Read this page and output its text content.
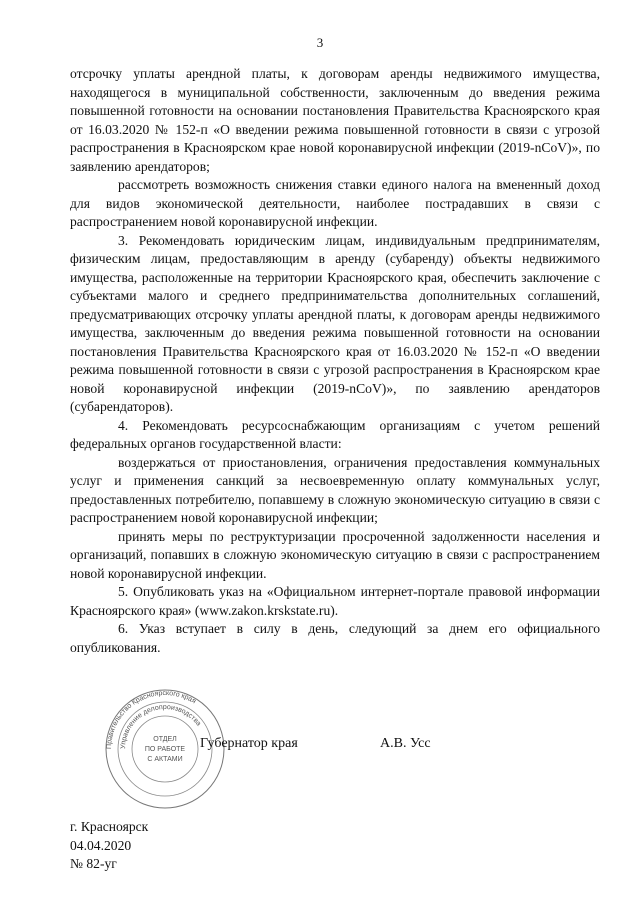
3

отсрочку уплаты арендной платы, к договорам аренды недвижимого имущества, находящегося в муниципальной собственности, заключенным до введения режима повышенной готовности на основании постановления Правительства Красноярского края от 16.03.2020 № 152-п «О введении режима повышенной готовности в связи с угрозой распространения в Красноярском крае новой коронавирусной инфекции (2019-nCoV)», по заявлению арендаторов;

рассмотреть возможность снижения ставки единого налога на вмененный доход для видов экономической деятельности, наиболее пострадавших в связи с распространением новой коронавирусной инфекции.

3. Рекомендовать юридическим лицам, индивидуальным предпринимателям, физическим лицам, предоставляющим в аренду (субаренду) объекты недвижимого имущества, расположенные на территории Красноярского края, обеспечить заключение с субъектами малого и среднего предпринимательства дополнительных соглашений, предусматривающих отсрочку уплаты арендной платы, к договорам аренды недвижимого имущества, заключенным до введения режима повышенной готовности на основании постановления Правительства Красноярского края от 16.03.2020 № 152-п «О введении режима повышенной готовности в связи с угрозой распространения в Красноярском крае новой коронавирусной инфекции (2019-nCoV)», по заявлению арендаторов (субарендаторов).

4. Рекомендовать ресурсоснабжающим организациям с учетом решений федеральных органов государственной власти:

воздержаться от приостановления, ограничения предоставления коммунальных услуг и применения санкций за несвоевременную оплату коммунальных услуг, предоставленных потребителю, попавшему в сложную экономическую ситуацию в связи с распространением новой коронавирусной инфекции;

принять меры по реструктуризации просроченной задолженности населения и организаций, попавших в сложную экономическую ситуацию в связи с распространением новой коронавирусной инфекции.

5. Опубликовать указ на «Официальном интернет-портале правовой информации Красноярского края» (www.zakon.krskstate.ru).

6. Указ вступает в силу в день, следующий за днем его официального опубликования.

Правительство Красноярского края
Управление делопроизводства
ОТДЕЛ
ПО РАБОТЕ
С АКТАМИ
Губернатор края	А.В. Усс
г. Красноярск
04.04.2020
№ 82-уг
